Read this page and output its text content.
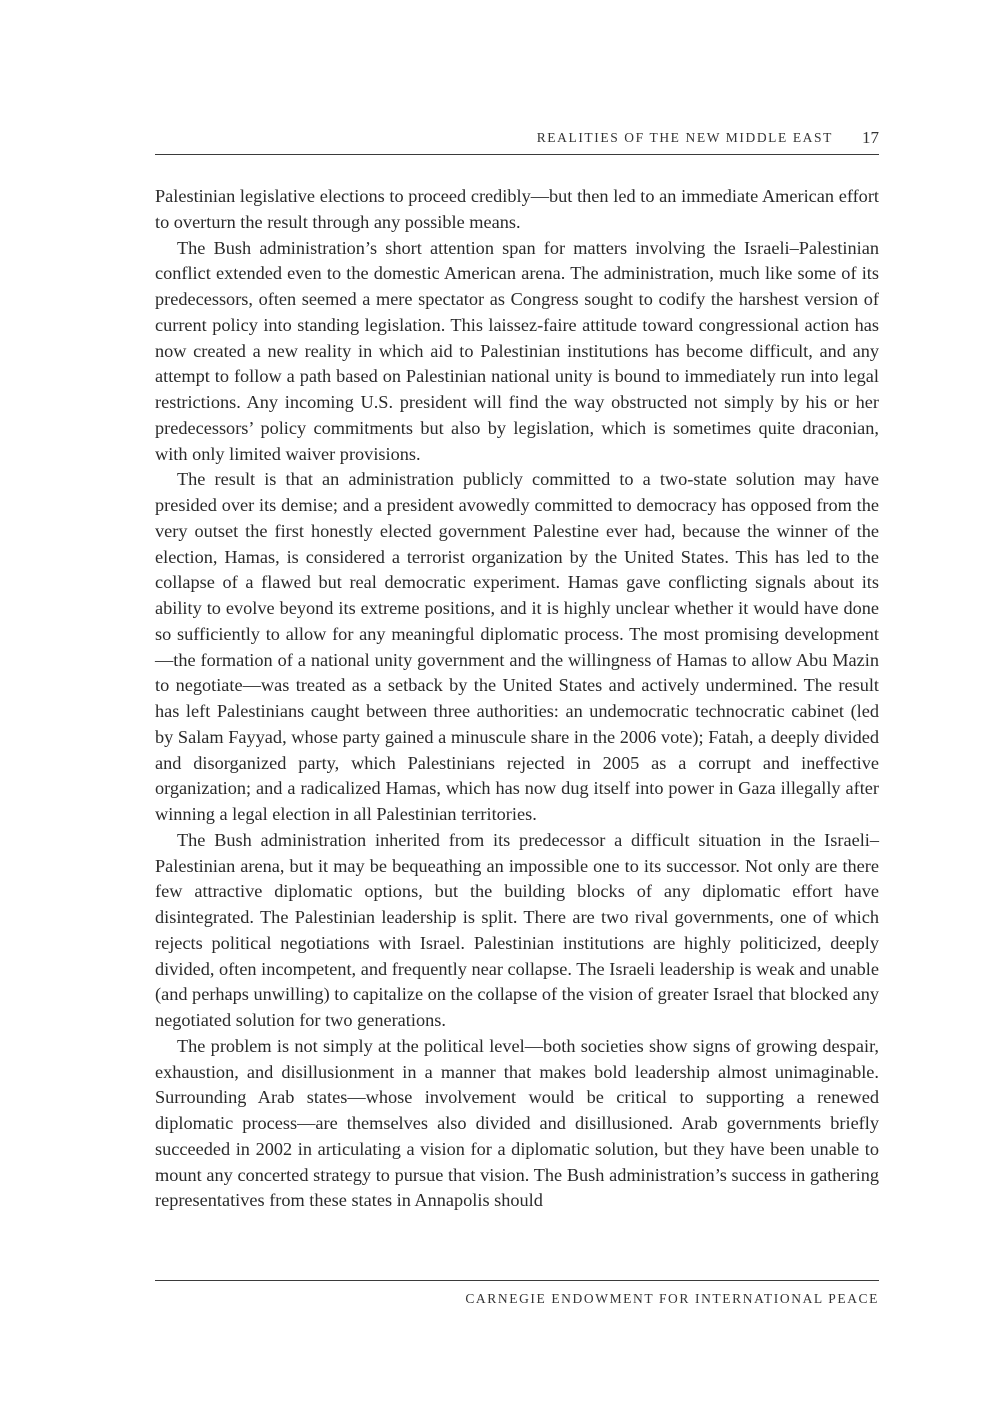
REALITIES OF THE NEW MIDDLE EAST 17

Palestinian legislative elections to proceed credibly—but then led to an immediate American effort to overturn the result through any possible means.

The Bush administration’s short attention span for matters involving the Israeli–Palestinian conflict extended even to the domestic American arena. The administration, much like some of its predecessors, often seemed a mere spectator as Congress sought to codify the harshest version of current policy into standing legislation. This laissez-faire attitude toward congressional action has now created a new reality in which aid to Palestinian institutions has become difficult, and any attempt to follow a path based on Palestinian national unity is bound to immediately run into legal restrictions. Any incoming U.S. president will find the way obstructed not simply by his or her predecessors’ policy commitments but also by legislation, which is sometimes quite draconian, with only limited waiver provisions.

The result is that an administration publicly committed to a two-state solution may have presided over its demise; and a president avowedly committed to democracy has opposed from the very outset the first honestly elected government Palestine ever had, because the winner of the election, Hamas, is considered a terrorist organization by the United States. This has led to the collapse of a flawed but real democratic experiment. Hamas gave conflicting signals about its ability to evolve beyond its extreme positions, and it is highly unclear whether it would have done so sufficiently to allow for any meaningful diplomatic process. The most promising development—the formation of a national unity government and the willingness of Hamas to allow Abu Mazin to negotiate—was treated as a setback by the United States and actively undermined. The result has left Palestinians caught between three authorities: an undemocratic technocratic cabinet (led by Salam Fayyad, whose party gained a minuscule share in the 2006 vote); Fatah, a deeply divided and disorganized party, which Palestinians rejected in 2005 as a corrupt and ineffective organization; and a radicalized Hamas, which has now dug itself into power in Gaza illegally after winning a legal election in all Palestinian territories.

The Bush administration inherited from its predecessor a difficult situation in the Israeli–Palestinian arena, but it may be bequeathing an impossible one to its successor. Not only are there few attractive diplomatic options, but the building blocks of any diplomatic effort have disintegrated. The Palestinian leadership is split. There are two rival governments, one of which rejects political negotiations with Israel. Palestinian institutions are highly politicized, deeply divided, often incompetent, and frequently near collapse. The Israeli leadership is weak and unable (and perhaps unwilling) to capitalize on the collapse of the vision of greater Israel that blocked any negotiated solution for two generations.

The problem is not simply at the political level—both societies show signs of growing despair, exhaustion, and disillusionment in a manner that makes bold leadership almost unimaginable. Surrounding Arab states—whose involvement would be critical to supporting a renewed diplomatic process—are themselves also divided and disillusioned. Arab governments briefly succeeded in 2002 in articulating a vision for a diplomatic solution, but they have been unable to mount any concerted strategy to pursue that vision. The Bush administration’s success in gathering representatives from these states in Annapolis should

CARNEGIE ENDOWMENT FOR INTERNATIONAL PEACE
